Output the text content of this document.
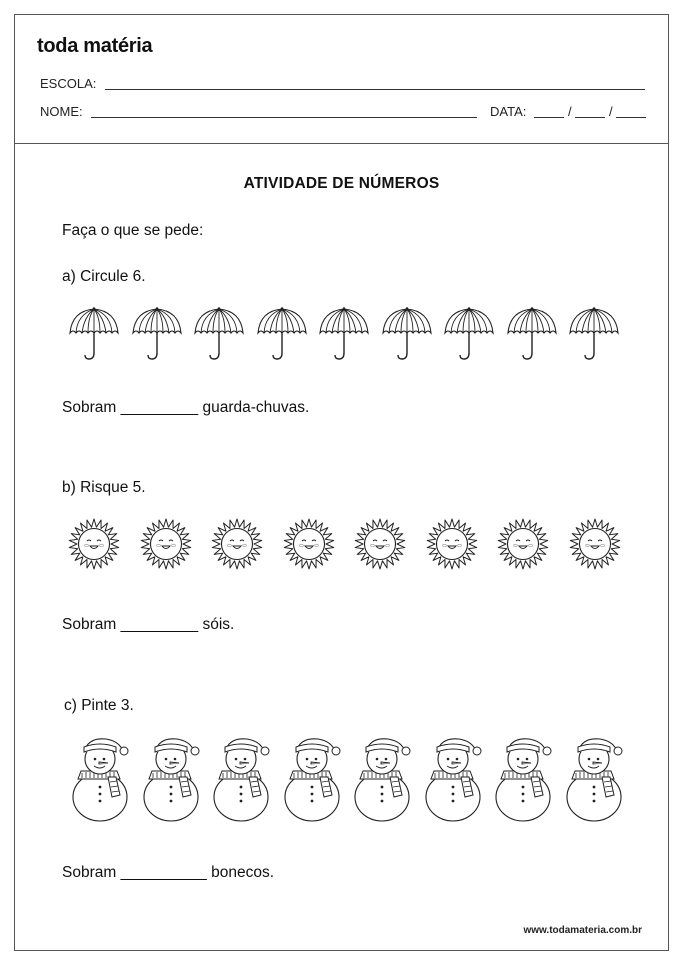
toda matéria
ESCOLA:
NOME:	DATA:	/	/
ATIVIDADE DE NÚMEROS
Faça o que se pede:
a) Circule 6.
Sobram _________ guarda-chuvas.
b) Risque 5.
Sobram _________ sóis.
c) Pinte 3.
Sobram __________ bonecos.
www.todamateria.com.br
